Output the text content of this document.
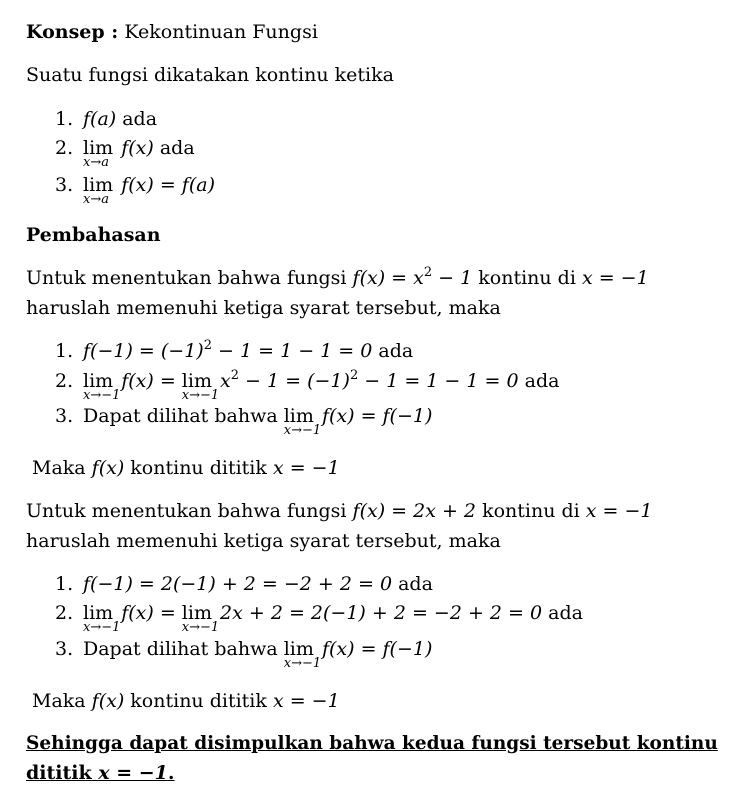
Konsep : Kekontinuan Fungsi
Suatu fungsi dikatakan kontinu ketika
1. f(a) ada
2. lim
x→a
f(x) ada
3. lim
x→a
f(x) = f(a)
Pembahasan
Untuk menentukan bahwa fungsi $f(x) = x^2 - 1$ kontinu di x = −1
haruslah memenuhi ketiga syarat tersebut, maka
1. $f(-1) = (-1)^2 - 1 = 1 - 1 = 0$ ada
2. lim
x→−1
f(x) = lim
x→−1
$x^2 - 1 = (-1)^2 - 1 = 1 - 1 = 0$ ada
3. Dapat dilihat bahwa lim
x→−1
f(x) = f(−1)
Maka f(x) kontinu dititik x = −1
Untuk menentukan bahwa fungsi f(x) = 2x + 2 kontinu di x = −1
haruslah memenuhi ketiga syarat tersebut, maka
1. f(−1) = 2(−1) + 2 = −2 + 2 = 0 ada
2. lim
x→−1
f(x) = lim
x→−1
2x + 2 = 2(−1) + 2 = −2 + 2 = 0 ada
3. Dapat dilihat bahwa lim
x→−1
f(x) = f(−1)
Maka f(x) kontinu dititik x = −1
Sehingga dapat disimpulkan bahwa kedua fungsi tersebut kontinu
dititik x = −1.
